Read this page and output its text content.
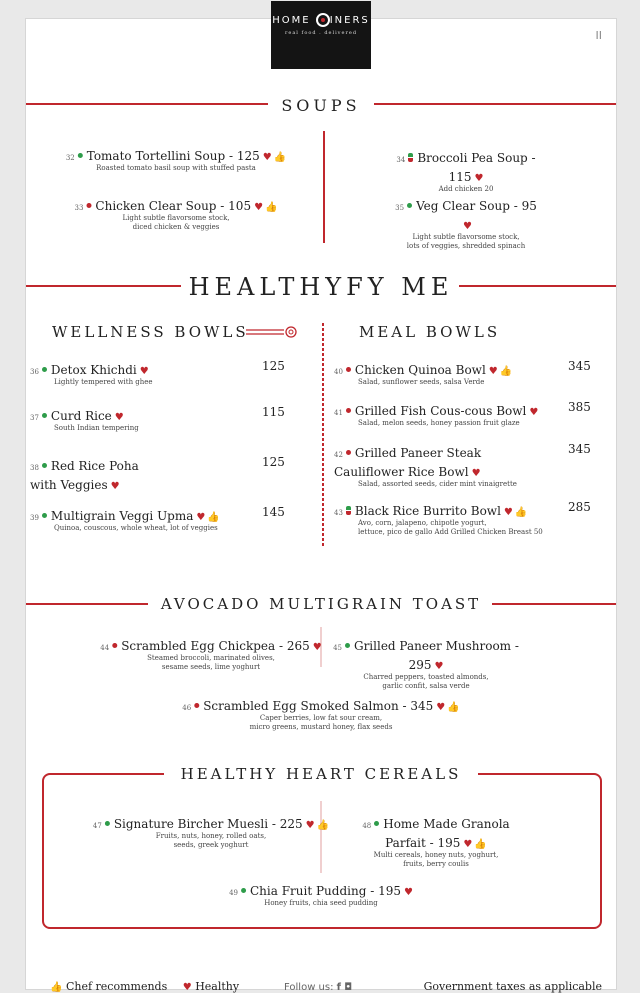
HOME INERS
real food . delivered	II
SOUPS
32 Tomato Tortellini Soup - 125 ♥ 👍
Roasted tomato basil soup with stuffed pasta
33 Chicken Clear Soup - 105 ♥ 👍
Light subtle flavorsome stock,
diced chicken & veggies
34 Broccoli Pea Soup - 115 ♥
Add chicken 20
35 Veg Clear Soup - 95♥
Light subtle flavorsome stock,
lots of veggies, shredded spinach
HEALTHYFY ME
WELLNESS BOWLS	MEAL BOWLS
36 Detox Khichdi ♥
Lightly tempered with ghee
125
37 Curd Rice ♥
South Indian tempering
115
38 Red Rice Poha
with Veggies ♥
125
39 Multigrain Veggi Upma ♥ 👍
Quinoa, couscous, whole wheat, lot of veggies
145
40 Chicken Quinoa Bowl ♥ 👍
Salad, sunflower seeds, salsa Verde
345
41 Grilled Fish Cous-cous Bowl ♥
Salad, melon seeds, honey passion fruit glaze
385
42 Grilled Paneer Steak
Cauliflower Rice Bowl ♥
Salad, assorted seeds, cider mint vinaigrette
345
43 Black Rice Burrito Bowl ♥ 👍
Avo, corn, jalapeno, chipotle yogurt,
lettuce, pico de gallo Add Grilled Chicken Breast 50
285
AVOCADO MULTIGRAIN TOAST
44 Scrambled Egg Chickpea - 265 ♥
Steamed broccoli, marinated olives,
sesame seeds, lime yoghurt
45 Grilled Paneer Mushroom - 295 ♥
Charred peppers, toasted almonds,
garlic confit, salsa verde
46 Scrambled Egg Smoked Salmon - 345 ♥ 👍
Caper berries, low fat sour cream,
micro greens, mustard honey, flax seeds
HEALTHY HEART CEREALS
47 Signature Bircher Muesli - 225 ♥ 👍
Fruits, nuts, honey, rolled oats,
seeds, greek yoghurt
48 Home Made Granola Parfait - 195 ♥ 👍
Multi cereals, honey nuts, yoghurt,
fruits, berry coulis
49 Chia Fruit Pudding - 195 ♥
Honey fruits, chia seed pudding
👍 Chef recommends ♥ Healthy	Follow us: f ◘	Government taxes as applicable
